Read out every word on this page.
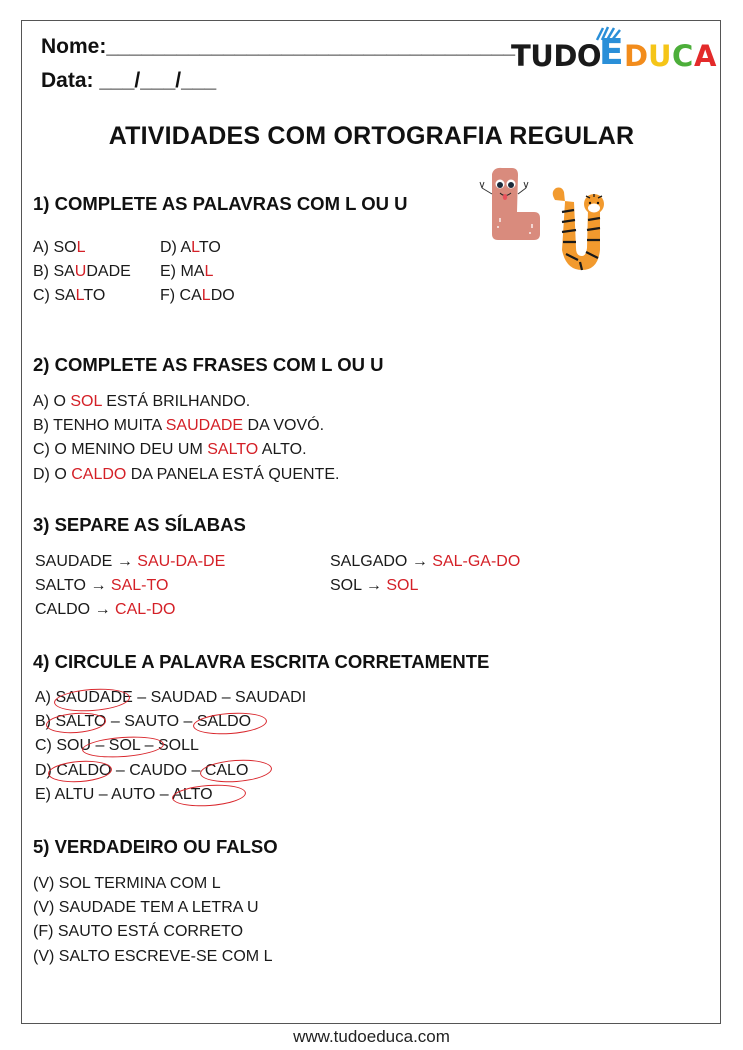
Nome:___________________________________
Data: ___/___/___
TUDO
E D U C A
ATIVIDADES COM ORTOGRAFIA REGULAR
1) COMPLETE AS PALAVRAS COM L OU U
A) SOL
B) SAUDADE
C) SALTO
D) ALTO
E) MAL
F) CALDO
2) COMPLETE AS FRASES COM L OU U
A) O SOL ESTÁ BRILHANDO.
B) TENHO MUITA SAUDADE DA VOVÓ.
C) O MENINO DEU UM SALTO ALTO.
D) O CALDO DA PANELA ESTÁ QUENTE.
3) SEPARE AS SÍLABAS
SAUDADE → SAU-DA-DE
SALTO → SAL-TO
CALDO → CAL-DO
SALGADO → SAL-GA-DO
SOL → SOL
4) CIRCULE A PALAVRA ESCRITA CORRETAMENTE
A) SAUDADE – SAUDAD – SAUDADI
B) SALTO – SAUTO – SALDO
C) SOU – SOL – SOLL
D) CALDO – CAUDO – CALO
E) ALTU – AUTO – ALTO
5) VERDADEIRO OU FALSO
(V) SOL TERMINA COM L
(V) SAUDADE TEM A LETRA U
(F) SAUTO ESTÁ CORRETO
(V) SALTO ESCREVE-SE COM L
www.tudoeduca.com
